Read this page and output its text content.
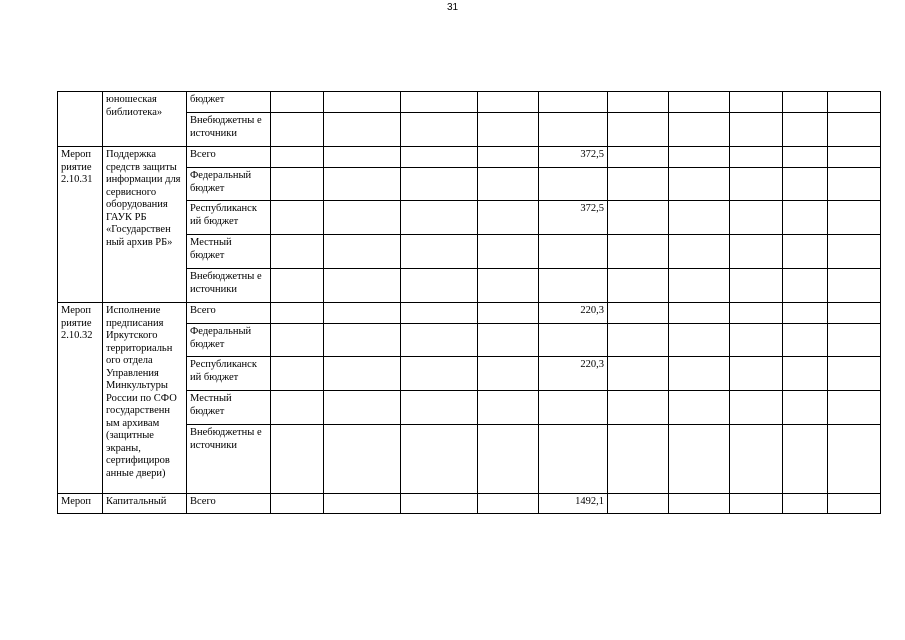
31
	юношеская библиотека»	бюджет										
		Внебюджетны е источники										
Мероп риятие 2.10.31	Поддержка средств защиты информации для сервисного оборудования ГАУК РБ «Государствен ный архив РБ»	Всего					372,5					
		Федеральный бюджет										
		Республиканск ий бюджет					372,5					
		Местный бюджет										
		Внебюджетны е источники										
Мероп риятие 2.10.32	Исполнение предписания Иркутского территориальн ого отдела Управления Минкультуры России по СФО государственн ым архивам (защитные экраны, сертифициров анные двери)	Всего					220,3					
		Федеральный бюджет										
		Республиканск ий бюджет					220,3					
		Местный бюджет										
		Внебюджетны е источники										
Мероп	Капитальный	Всего					1492,1					
